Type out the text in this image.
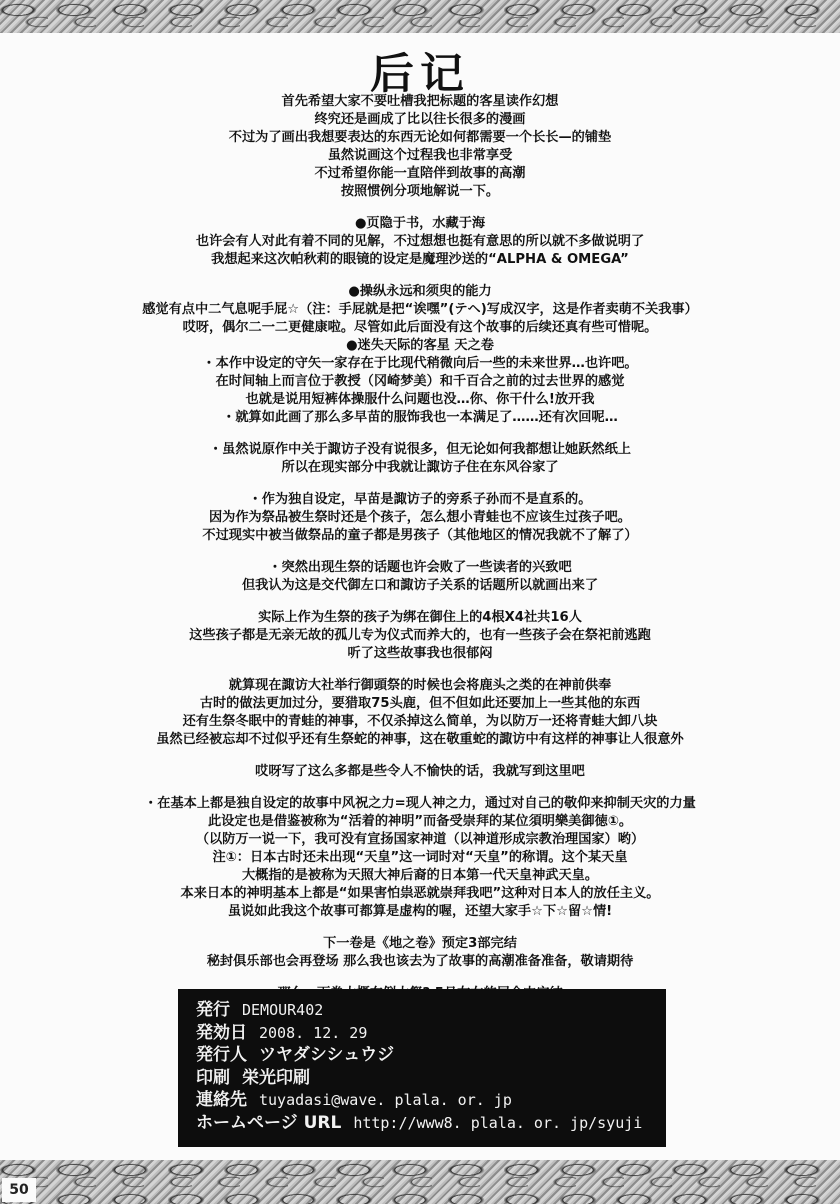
后记
首先希望大家不要吐槽我把标题的客星读作幻想
终究还是画成了比以往长很多的漫画
不过为了画出我想要表达的东西无论如何都需要一个长长—的铺垫
虽然说画这个过程我也非常享受
不过希望你能一直陪伴到故事的高潮
按照惯例分项地解说一下。
●页隐于书，水藏于海
也许会有人对此有着不同的见解，不过想想也挺有意思的所以就不多做说明了
我想起来这次帕秋莉的眼镜的设定是魔理沙送的“ALPHA & OMEGA”
●操纵永远和须臾的能力
感觉有点中二气息呢手屁☆（注：手屁就是把“诶嘿”(テヘ)写成汉字，这是作者卖萌不关我事）
哎呀，偶尔二一二更健康啦。尽管如此后面没有这个故事的后续还真有些可惜呢。
●迷失天际的客星 天之卷
・本作中设定的守矢一家存在于比现代稍微向后一些的未来世界…也许吧。
在时间轴上而言位于教授（冈崎梦美）和千百合之前的过去世界的感觉
也就是说用短裤体操服什么问题也没…你、你干什么!放开我
・就算如此画了那么多早苗的服饰我也一本满足了……还有次回呢…
・虽然说原作中关于諏访子没有说很多，但无论如何我都想让她跃然纸上
所以在现实部分中我就让諏访子住在东风谷家了
・作为独自设定，早苗是諏访子的旁系子孙而不是直系的。
因为作为祭品被生祭时还是个孩子，怎么想小青蛙也不应该生过孩子吧。
不过现实中被当做祭品的童子都是男孩子（其他地区的情况我就不了解了）
・突然出现生祭的话题也许会败了一些读者的兴致吧
但我认为这是交代御左口和諏访子关系的话题所以就画出来了
实际上作为生祭的孩子为绑在御住上的4根X4社共16人
这些孩子都是无亲无故的孤儿专为仪式而养大的，也有一些孩子会在祭祀前逃跑
听了这些故事我也很郁闷
就算现在諏访大社举行御頭祭的时候也会将鹿头之类的在神前供奉
古时的做法更加过分，要猎取75头鹿，但不但如此还要加上一些其他的东西
还有生祭冬眠中的青蛙的神事，不仅杀掉这么简单，为以防万一还将青蛙大卸八块
虽然已经被忘却不过似乎还有生祭蛇的神事，这在敬重蛇的諏访中有这样的神事让人很意外
哎呀写了这么多都是些令人不愉快的话，我就写到这里吧
・在基本上都是独自设定的故事中风祝之力=现人神之力，通过对自己的敬仰来抑制天灾的力量
此设定也是借鉴被称为“活着的神明”而备受崇拜的某位須明樂美御徳①。
（以防万一说一下，我可没有宣扬国家神道（以神道形成宗教治理国家）哟）
注①：日本古时还未出现“天皇”这一词时对“天皇”的称谓。这个某天皇
大概指的是被称为天照大神后裔的日本第一代天皇神武天皇。
本来日本的神明基本上都是“如果害怕祟恶就崇拜我吧”这种对日本人的放任主义。
虽说如此我这个故事可都算是虚构的喔，还望大家手☆下☆留☆情!
下一卷是《地之卷》预定3部完结
秘封俱乐部也会再登场 那么我也该去为了故事的高潮准备准备，敬请期待
発行 DEMOUR402
発効日 2008. 12. 29
発行人 ツヤダシシュウジ
印刷 栄光印刷
連絡先 tuyadasi@wave. plala. or. jp
ホームページ URL http://www8. plala. or. jp/syuji
50
